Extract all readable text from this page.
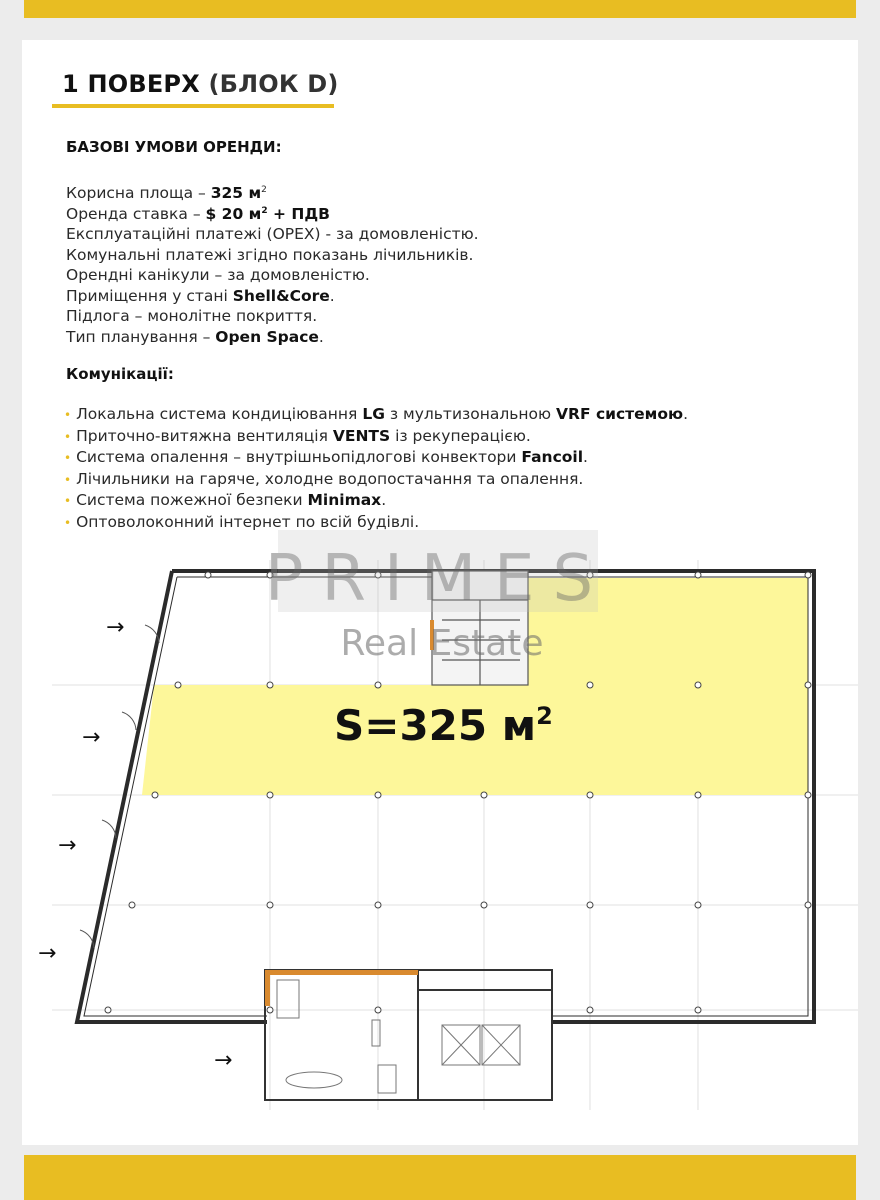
1 ПОВЕРХ (БЛОК D)
БАЗОВІ УМОВИ ОРЕНДИ:
Корисна площа – 325 $м^2$
Оренда ставка – $ 20 $м^2$ + ПДВ
Експлуатаційні платежі (OPEX) - за домовленістю.
Комунальні платежі згідно показань лічильників.
Орендні канікули – за домовленістю.
Приміщення у стані Shell&Core.
Підлога – монолітне покриття.
Тип планування – Open Space.
Комунікації:
• Локальна система кондиціювання LG з мультизональною VRF системою.
• Приточно-витяжна вентиляція VENTS із рекуперацією.
• Система опалення – внутрішньопідлогові конвектори Fancoil.
• Лічильники на гаряче, холодне водопостачання та опалення.
• Система пожежної безпеки Minimax.
• Оптоволоконний інтернет по всій будівлі.
PRIMES
Real Estate
S=325 $м^2$
→
→
→
→
→
